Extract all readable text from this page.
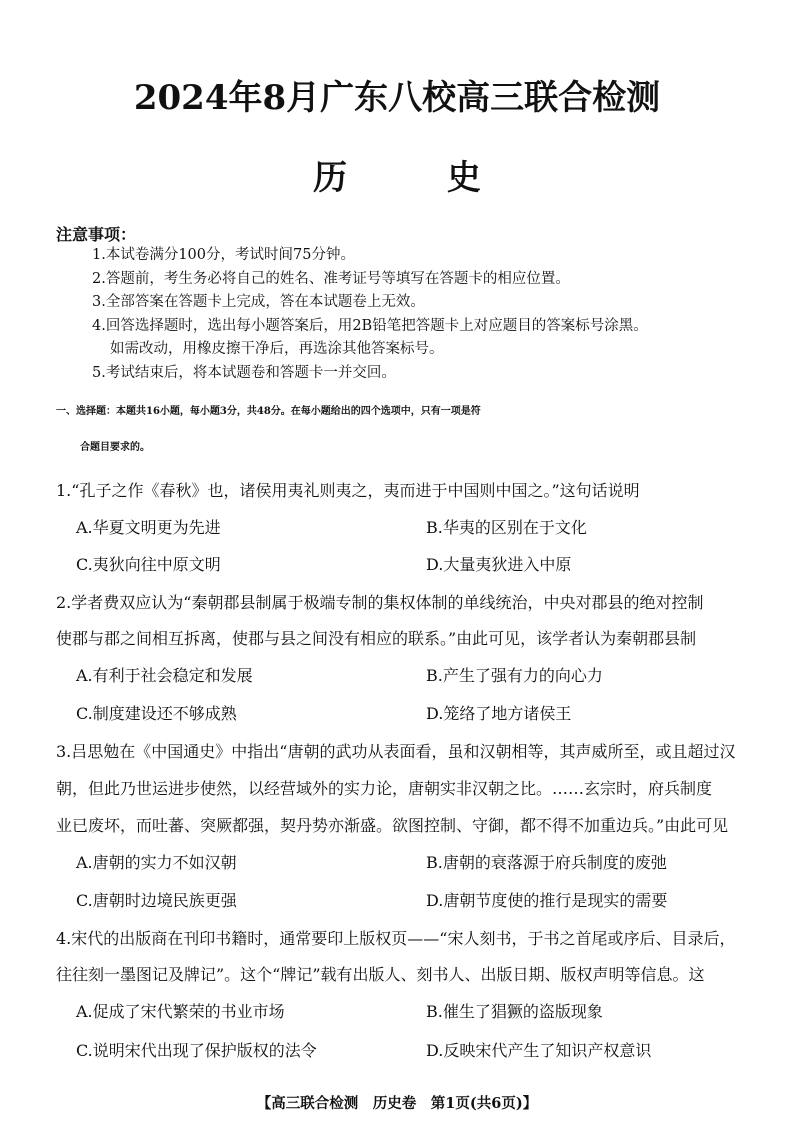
2024年8月广东八校高三联合检测
历 史
注意事项：
1.本试卷满分100分，考试时间75分钟。
2.答题前，考生务必将自己的姓名、准考证号等填写在答题卡的相应位置。
3.全部答案在答题卡上完成，答在本试题卷上无效。
4.回答选择题时，选出每小题答案后，用2B铅笔把答题卡上对应题目的答案标号涂黑。
如需改动，用橡皮擦干净后，再选涂其他答案标号。
5.考试结束后，将本试题卷和答题卡一并交回。
一、选择题：本题共16小题，每小题3分，共48分。在每小题给出的四个选项中，只有一项是符
合题目要求的。
1.“孔子之作《春秋》也，诸侯用夷礼则夷之，夷而进于中国则中国之。”这句话说明
A.华夏文明更为先进	B.华夷的区别在于文化
C.夷狄向往中原文明	D.大量夷狄进入中原
2.学者费双应认为“秦朝郡县制属于极端专制的集权体制的单线统治，中央对郡县的绝对控制
使郡与郡之间相互拆离，使郡与县之间没有相应的联系。”由此可见，该学者认为秦朝郡县制
A.有利于社会稳定和发展	B.产生了强有力的向心力
C.制度建设还不够成熟	D.笼络了地方诸侯王
3.吕思勉在《中国通史》中指出“唐朝的武功从表面看，虽和汉朝相等，其声威所至，或且超过汉
朝，但此乃世运进步使然，以经营域外的实力论，唐朝实非汉朝之比。……玄宗时，府兵制度
业已废坏，而吐蕃、突厥都强，契丹势亦渐盛。欲图控制、守御，都不得不加重边兵。”由此可见
A.唐朝的实力不如汉朝	B.唐朝的衰落源于府兵制度的废弛
C.唐朝时边境民族更强	D.唐朝节度使的推行是现实的需要
4.宋代的出版商在刊印书籍时，通常要印上版权页——“宋人刻书，于书之首尾或序后、目录后，
往往刻一墨图记及牌记”。这个“牌记”载有出版人、刻书人、出版日期、版权声明等信息。这
A.促成了宋代繁荣的书业市场	B.催生了猖獗的盗版现象
C.说明宋代出现了保护版权的法令	D.反映宋代产生了知识产权意识
【高三联合检测　历史卷　第1页(共6页)】
